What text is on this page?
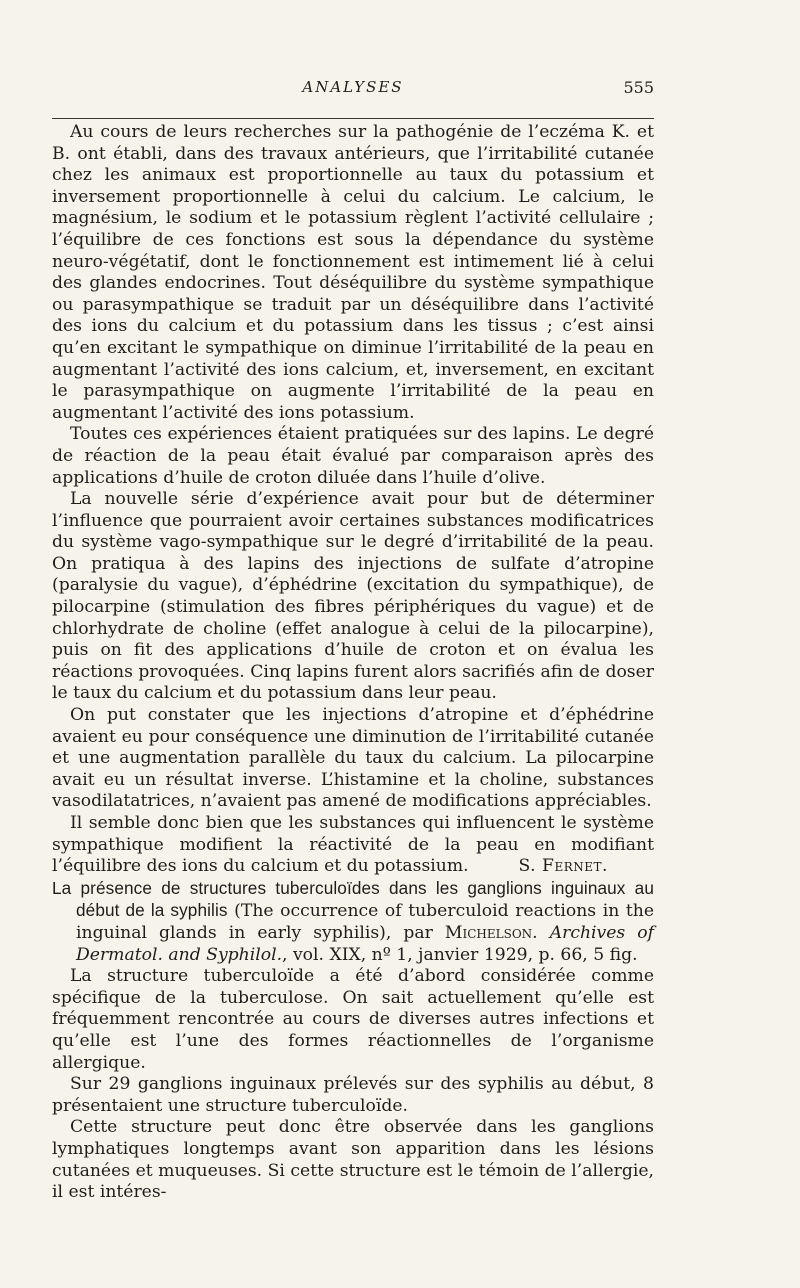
ANALYSES	555

Au cours de leurs recherches sur la pathogénie de l’eczéma K. et B. ont établi, dans des travaux antérieurs, que l’irritabilité cutanée chez les animaux est proportionnelle au taux du potassium et inversement proportionnelle à celui du calcium. Le calcium, le magnésium, le sodium et le potassium règlent l’activité cellulaire ; l’équilibre de ces fonctions est sous la dépendance du système neuro-végétatif, dont le fonctionnement est intimement lié à celui des glandes endocrines. Tout déséquilibre du système sympathique ou parasympathique se traduit par un déséquilibre dans l’activité des ions du calcium et du potassium dans les tissus ; c’est ainsi qu’en excitant le sympathique on diminue l’irritabilité de la peau en augmentant l’activité des ions calcium, et, inversement, en excitant le parasympathique on augmente l’irritabilité de la peau en augmentant l’activité des ions potassium.

Toutes ces expériences étaient pratiquées sur des lapins. Le degré de réaction de la peau était évalué par comparaison après des applications d’huile de croton diluée dans l’huile d’olive.

La nouvelle série d’expérience avait pour but de déterminer l’influence que pourraient avoir certaines substances modificatrices du système vago-sympathique sur le degré d’irritabilité de la peau. On pratiqua à des lapins des injections de sulfate d’atropine (paralysie du vague), d’éphédrine (excitation du sympathique), de pilocarpine (stimulation des fibres périphériques du vague) et de chlorhydrate de choline (effet analogue à celui de la pilocarpine), puis on fit des applications d’huile de croton et on évalua les réactions provoquées. Cinq lapins furent alors sacrifiés afin de doser le taux du calcium et du potassium dans leur peau.

On put constater que les injections d’atropine et d’éphédrine avaient eu pour conséquence une diminution de l’irritabilité cutanée et une augmentation parallèle du taux du calcium. La pilocarpine avait eu un résultat inverse. L’histamine et la choline, substances vasodilatatrices, n’avaient pas amené de modifications appréciables.

Il semble donc bien que les substances qui influencent le système sympathique modifient la réactivité de la peau en modifiant l’équilibre des ions du calcium et du potassium.	S. Fernet.

La présence de structures tuberculoïdes dans les ganglions inguinaux au début de la syphilis (The occurrence of tuberculoid reactions in the inguinal glands in early syphilis), par Michelson. Archives of Dermatol. and Syphilol., vol. XIX, nº 1, janvier 1929, p. 66, 5 fig.

La structure tuberculoïde a été d’abord considérée comme spécifique de la tuberculose. On sait actuellement qu’elle est fréquemment rencontrée au cours de diverses autres infections et qu’elle est l’une des formes réactionnelles de l’organisme allergique.

Sur 29 ganglions inguinaux prélevés sur des syphilis au début, 8 présentaient une structure tuberculoïde.

Cette structure peut donc être observée dans les ganglions lymphatiques longtemps avant son apparition dans les lésions cutanées et muqueuses. Si cette structure est le témoin de l’allergie, il est intéres-
